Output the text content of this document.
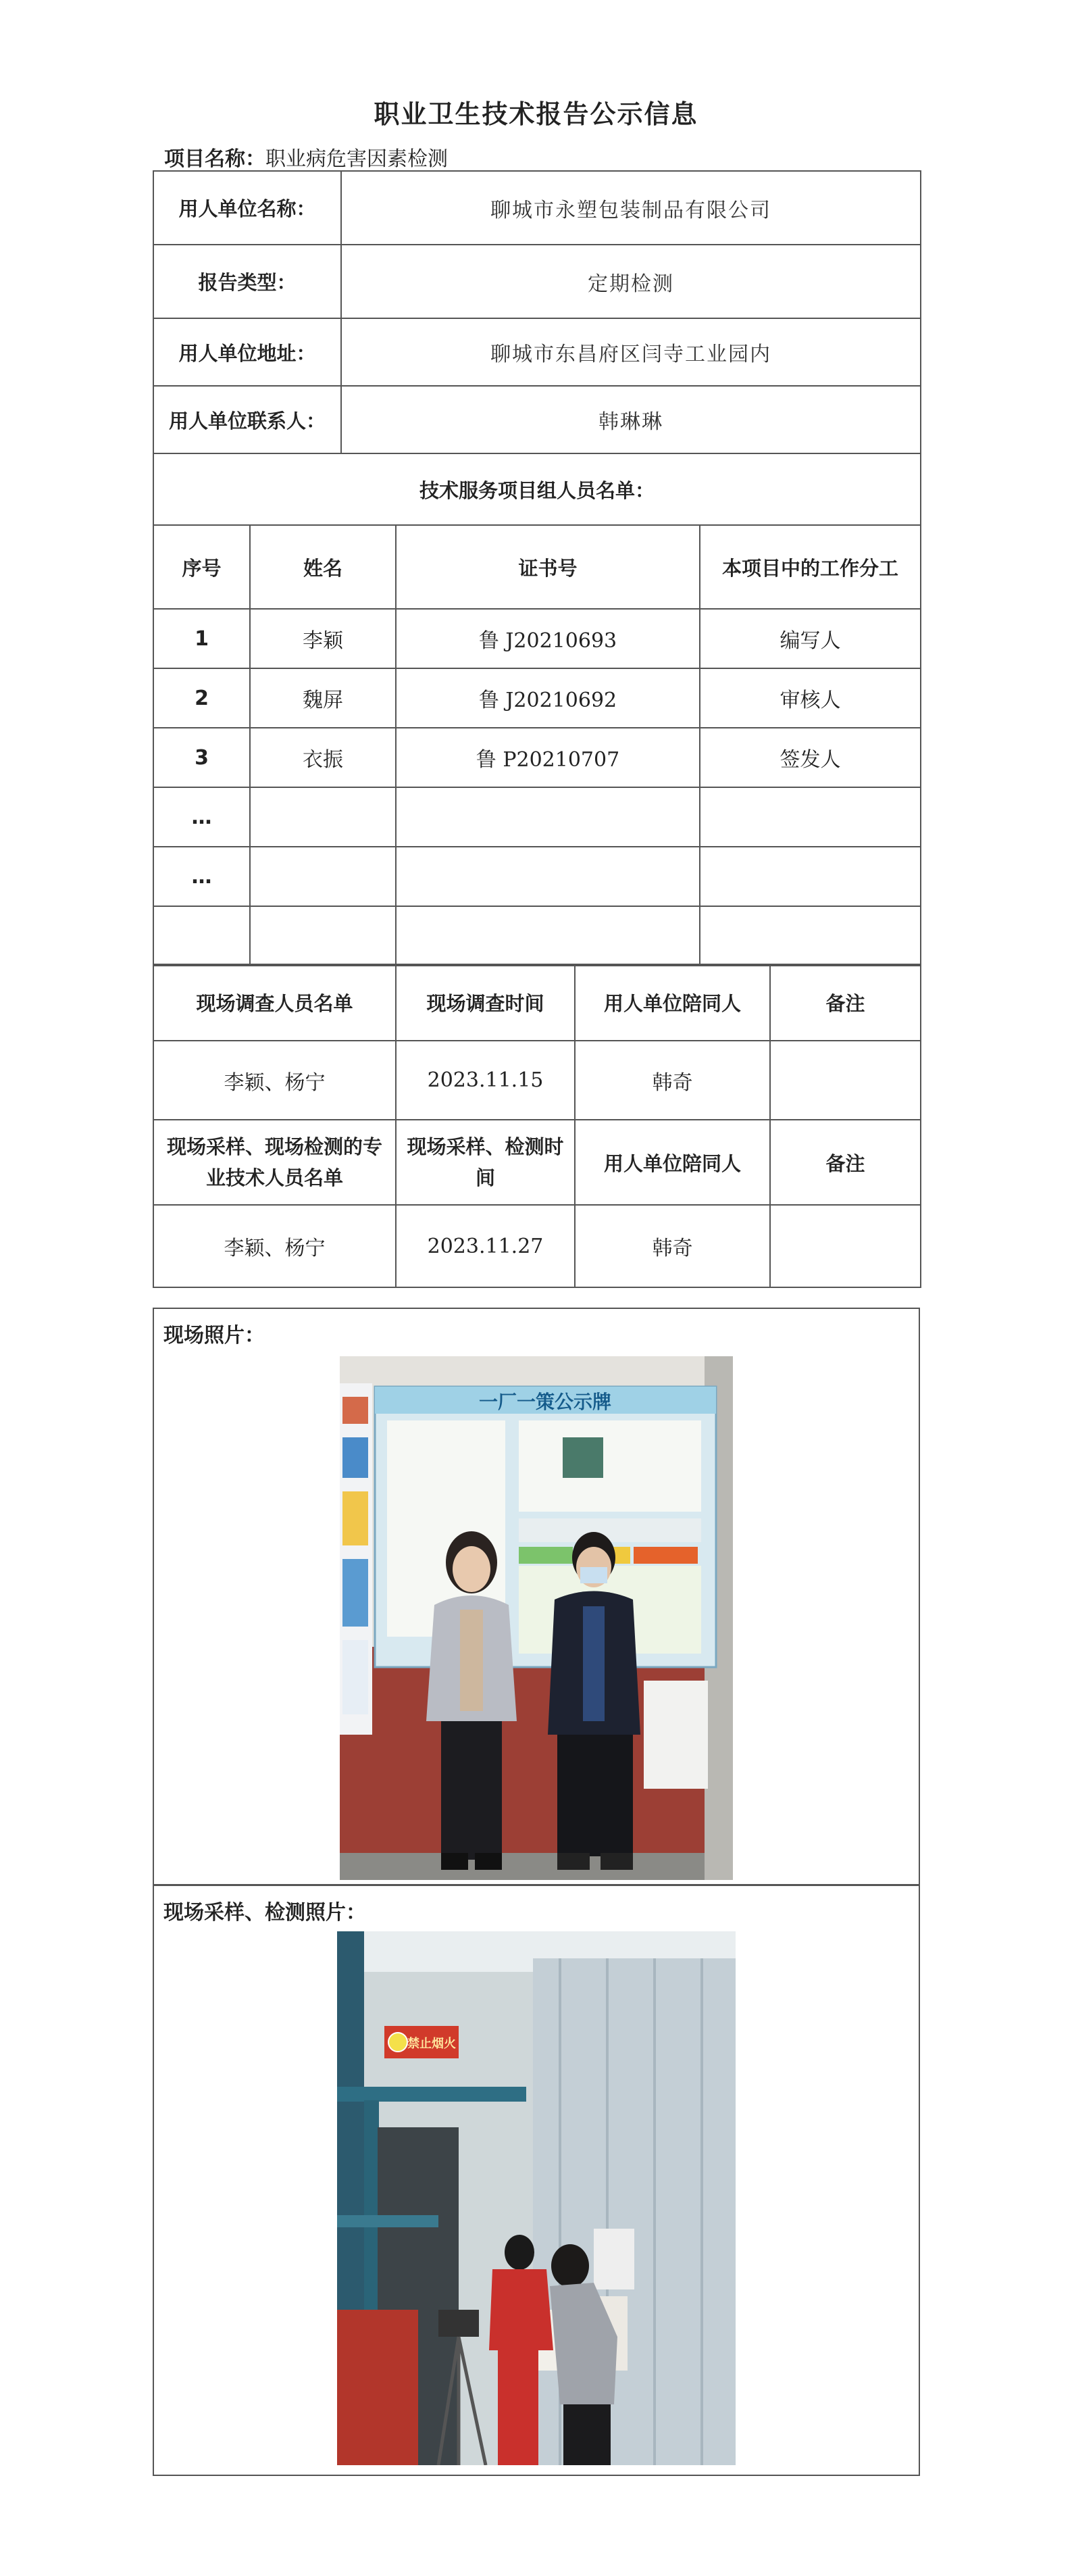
职业卫生技术报告公示信息
项目名称：职业病危害因素检测
用人单位名称：	聊城市永塑包装制品有限公司
报告类型：	定期检测
用人单位地址：	聊城市东昌府区闫寺工业园内
用人单位联系人：	韩琳琳
技术服务项目组人员名单：			
序号	姓名	证书号	本项目中的工作分工
1	李颖	鲁 J20210693	编写人
2	魏屏	鲁 J20210692	审核人
3	衣振	鲁 P20210707	签发人
…			
…			

现场调查人员名单	现场调查时间	用人单位陪同人	备注
李颖、杨宁	2023.11.15	韩奇	
现场采样、现场检测的专业技术人员名单	现场采样、检测时间	用人单位陪同人	备注
李颖、杨宁	2023.11.27	韩奇	
现场照片：
一厂一策公示牌
现场采样、检测照片：
禁止烟火
